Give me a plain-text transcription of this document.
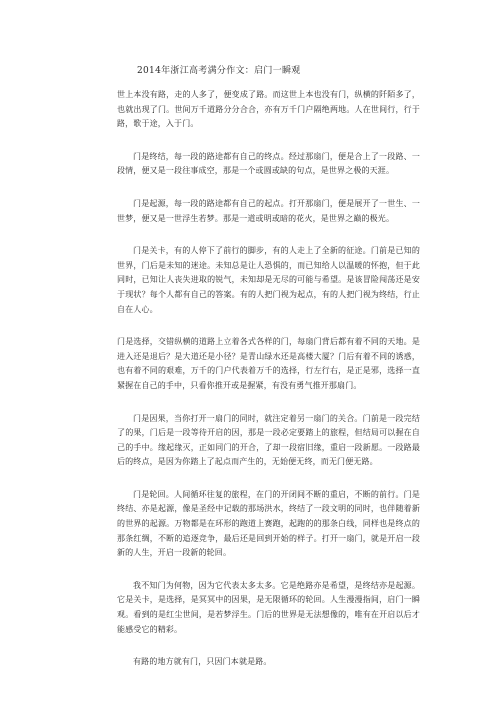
2014年浙江高考满分作文：启门一瞬观

世上本没有路，走的人多了，便变成了路。而这世上本也没有门，纵横的阡陌多了，也就出现了门。世间万千道路分分合合，亦有万千门户隔绝两地。人在世间行，行于路，歌于途，入于门。

门是终结，每一段的路途都有自己的终点。经过那扇门，便是合上了一段路、一段情，便又是一段往事成空，那是一个或圆或缺的句点，是世界之极的天涯。

门是起源，每一段的路途都有自己的起点。打开那扇门，便是展开了一世生、一世梦，便又是一世浮生若梦。那是一道或明或暗的花火，是世界之巅的极光。

门是关卡，有的人停下了前行的脚步，有的人走上了全新的征途。门前是已知的世界，门后是未知的迷途。未知总是让人恐惧的，而已知给人以温暖的怀抱，但于此同时，已知让人丧失进取的锐气，未知却是无尽的可能与希望。是该冒险闯荡还是安于现状？每个人都有自己的答案。有的人把门视为起点，有的人把门视为终结，行止自在人心。

门是选择，交错纵横的道路上立着各式各样的门，每扇门背后都有着不同的天地。是进入还是退后？是大道还是小径？是青山绿水还是高楼大厦？门后有着不同的诱惑，也有着不同的艰难，万千的门户代表着万千的选择，行左行右，是正是邪，选择一直紧握在自己的手中，只看你推开或是握紧，有没有勇气推开那扇门。

门是因果，当你打开一扇门的同时，就注定着另一扇门的关合。门前是一段完结了的果，门后是一段等待开启的因，那是一段必定要踏上的旅程，但结局可以握在自己的手中。缘起缘灭，正如同门的开合，了却一段宿旧缘，重启一段新愿。一段路最后的终点，是因为你踏上了起点而产生的，无始便无终，而无门便无路。

门是轮回。人间循环往复的旅程，在门的开闭间不断的重启，不断的前行。门是终结、亦是起源，像是圣经中记载的那场洪水，终结了一段文明的同时，也伴随着新的世界的起源。万物都是在环形的跑道上赛跑，起跑的的那条白线，同样也是终点的那条红绸，不断的追逐竞争，最后还是回到开始的样子。打开一扇门，就是开启一段新的人生，开启一段新的轮回。

我不知门为何物，因为它代表太多太多。它是绝路亦是希望，是终结亦是起源。它是关卡，是选择，是冥冥中的因果，是无限循环的轮回。人生漫漫指间，启门一瞬观。看到的是红尘世间，是若梦浮生。门后的世界是无法想像的，唯有在开启以后才能感受它的精彩。

有路的地方就有门，只因门本就是路。
